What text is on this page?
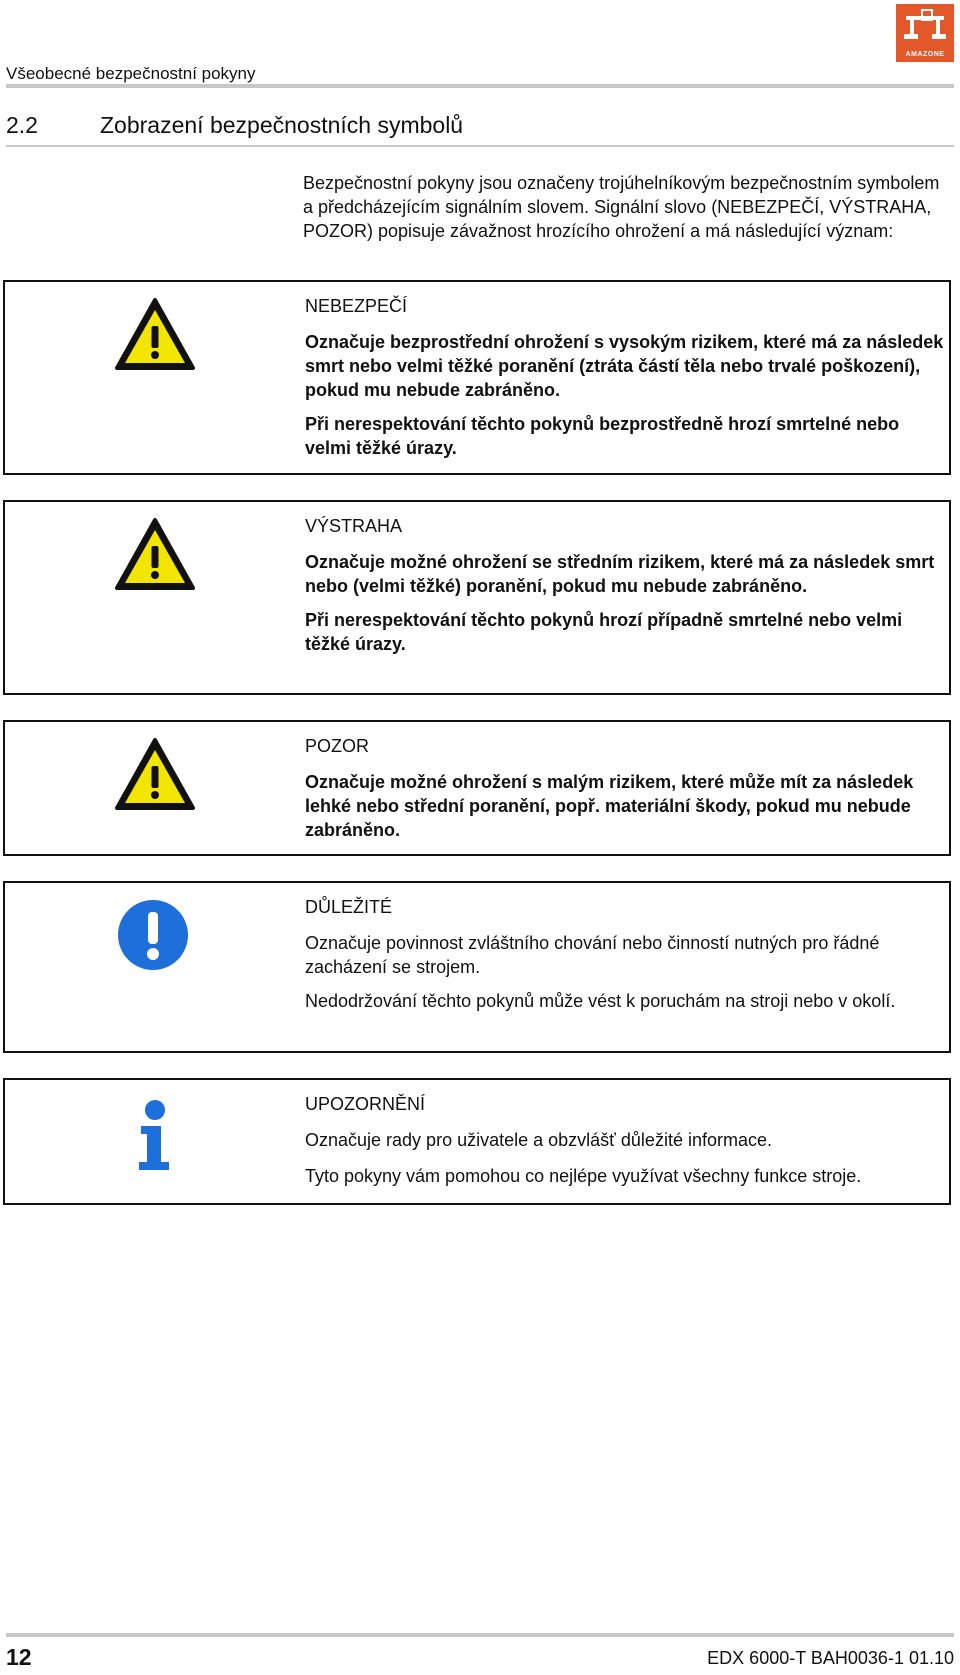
Všeobecné bezpečnostní pokyny
AMAZONE
2.2	Zobrazení bezpečnostních symbolů
Bezpečnostní pokyny jsou označeny trojúhelníkovým bezpečnostním symbolem a předcházejícím signálním slovem. Signální slovo (NEBEZPEČÍ, VÝSTRAHA, POZOR) popisuje závažnost hrozícího ohrožení a má následující význam:
NEBEZPEČÍ

Označuje bezprostřední ohrožení s vysokým rizikem, které má za následek smrt nebo velmi těžké poranění (ztráta částí těla nebo trvalé poškození), pokud mu nebude zabráněno.

Při nerespektování těchto pokynů bezprostředně hrozí smrtelné nebo velmi těžké úrazy.

VÝSTRAHA

Označuje možné ohrožení se středním rizikem, které má za následek smrt nebo (velmi těžké) poranění, pokud mu nebude zabráněno.

Při nerespektování těchto pokynů hrozí případně smrtelné nebo velmi těžké úrazy.

POZOR

Označuje možné ohrožení s malým rizikem, které může mít za následek lehké nebo střední poranění, popř. materiální škody, pokud mu nebude zabráněno.

DŮLEŽITÉ

Označuje povinnost zvláštního chování nebo činností nutných pro řádné zacházení se strojem.

Nedodržování těchto pokynů může vést k poruchám na stroji nebo v okolí.

UPOZORNĚNÍ

Označuje rady pro uživatele a obzvlášť důležité informace.

Tyto pokyny vám pomohou co nejlépe využívat všechny funkce stroje.

12	EDX 6000-T BAH0036-1 01.10
